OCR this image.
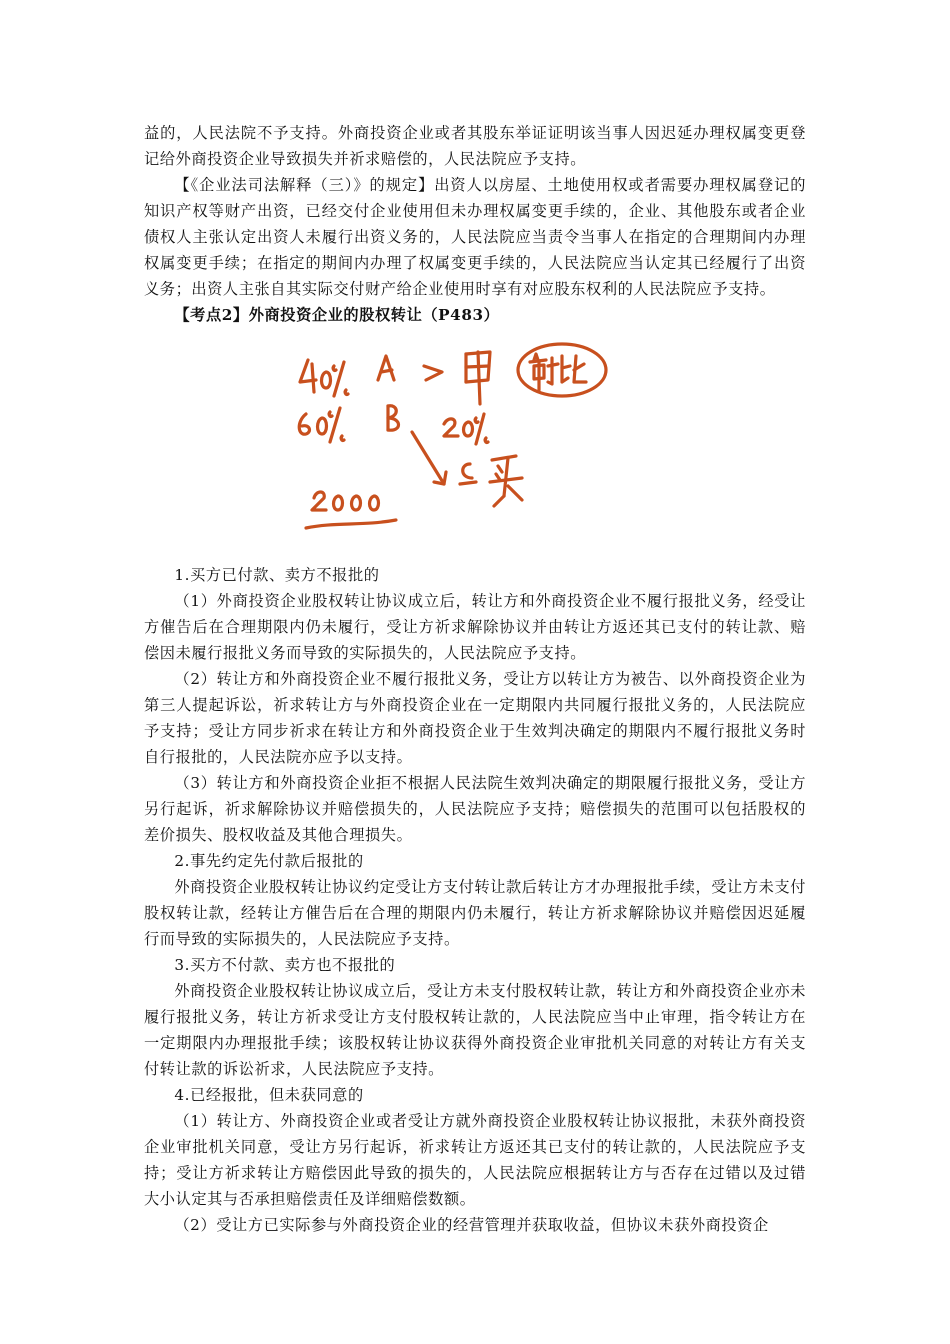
益的，人民法院不予支持。外商投资企业或者其股东举证证明该当事人因迟延办理权属变更登记给外商投资企业导致损失并祈求赔偿的，人民法院应予支持。

【《企业法司法解释（三）》的规定】出资人以房屋、土地使用权或者需要办理权属登记的知识产权等财产出资，已经交付企业使用但未办理权属变更手续的，企业、其他股东或者企业债权人主张认定出资人未履行出资义务的，人民法院应当责令当事人在指定的合理期间内办理权属变更手续；在指定的期间内办理了权属变更手续的，人民法院应当认定其已经履行了出资义务；出资人主张自其实际交付财产给企业使用时享有对应股东权利的人民法院应予支持。

【考点2】外商投资企业的股权转让（P483）

1.买方已付款、卖方不报批的

（1）外商投资企业股权转让协议成立后，转让方和外商投资企业不履行报批义务，经受让方催告后在合理期限内仍未履行，受让方祈求解除协议并由转让方返还其已支付的转让款、赔偿因未履行报批义务而导致的实际损失的，人民法院应予支持。

（2）转让方和外商投资企业不履行报批义务，受让方以转让方为被告、以外商投资企业为第三人提起诉讼，祈求转让方与外商投资企业在一定期限内共同履行报批义务的，人民法院应予支持；受让方同步祈求在转让方和外商投资企业于生效判决确定的期限内不履行报批义务时自行报批的，人民法院亦应予以支持。

（3）转让方和外商投资企业拒不根据人民法院生效判决确定的期限履行报批义务，受让方另行起诉，祈求解除协议并赔偿损失的，人民法院应予支持；赔偿损失的范围可以包括股权的差价损失、股权收益及其他合理损失。

2.事先约定先付款后报批的

外商投资企业股权转让协议约定受让方支付转让款后转让方才办理报批手续，受让方未支付股权转让款，经转让方催告后在合理的期限内仍未履行，转让方祈求解除协议并赔偿因迟延履行而导致的实际损失的，人民法院应予支持。

3.买方不付款、卖方也不报批的

外商投资企业股权转让协议成立后，受让方未支付股权转让款，转让方和外商投资企业亦未履行报批义务，转让方祈求受让方支付股权转让款的，人民法院应当中止审理，指令转让方在一定期限内办理报批手续；该股权转让协议获得外商投资企业审批机关同意的对转让方有关支付转让款的诉讼祈求，人民法院应予支持。

4.已经报批，但未获同意的

（1）转让方、外商投资企业或者受让方就外商投资企业股权转让协议报批，未获外商投资企业审批机关同意，受让方另行起诉，祈求转让方返还其已支付的转让款的，人民法院应予支持；受让方祈求转让方赔偿因此导致的损失的，人民法院应根据转让方与否存在过错以及过错大小认定其与否承担赔偿责任及详细赔偿数额。

（2）受让方已实际参与外商投资企业的经营管理并获取收益，但协议未获外商投资企
